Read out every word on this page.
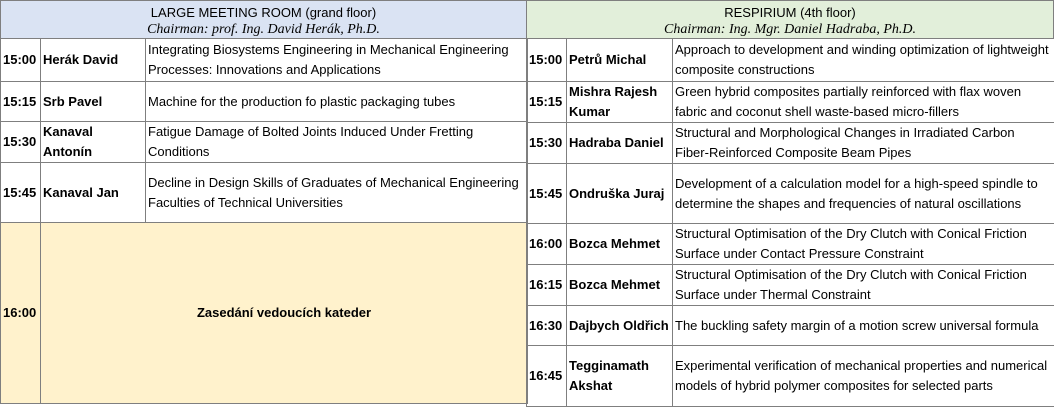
LARGE MEETING ROOM (grand floor)
Chairman: prof. Ing. David Herák, Ph.D.
RESPIRIUM (4th floor)
Chairman: Ing. Mgr. Daniel Hadraba, Ph.D.
15:00	Herák David	Integrating Biosystems Engineering in Mechanical Engineering Processes: Innovations and Applications
15:15	Srb Pavel	Machine for the production fo plastic packaging tubes
15:30	Kanaval Antonín	Fatigue Damage of Bolted Joints Induced Under Fretting Conditions
15:45	Kanaval Jan	Decline in Design Skills of Graduates of Mechanical Engineering Faculties of Technical Universities
16:00	Zasedání vedoucích kateder	
15:00	Petrů Michal	Approach to development and winding optimization of lightweight composite constructions
15:15	Mishra Rajesh Kumar	Green hybrid composites partially reinforced with flax woven fabric and coconut shell waste-based micro-fillers
15:30	Hadraba Daniel	Structural and Morphological Changes in Irradiated Carbon Fiber-Reinforced Composite Beam Pipes
15:45	Ondruška Juraj	Development of a calculation model for a high-speed spindle to determine the shapes and frequencies of natural oscillations
16:00	Bozca Mehmet	Structural Optimisation of the Dry Clutch with Conical Friction Surface under Contact Pressure Constraint
16:15	Bozca Mehmet	Structural Optimisation of the Dry Clutch with Conical Friction Surface under Thermal Constraint
16:30	Dajbych Oldřich	The buckling safety margin of a motion screw universal formula
16:45	Tegginamath Akshat	Experimental verification of mechanical properties and numerical models of hybrid polymer composites for selected parts
